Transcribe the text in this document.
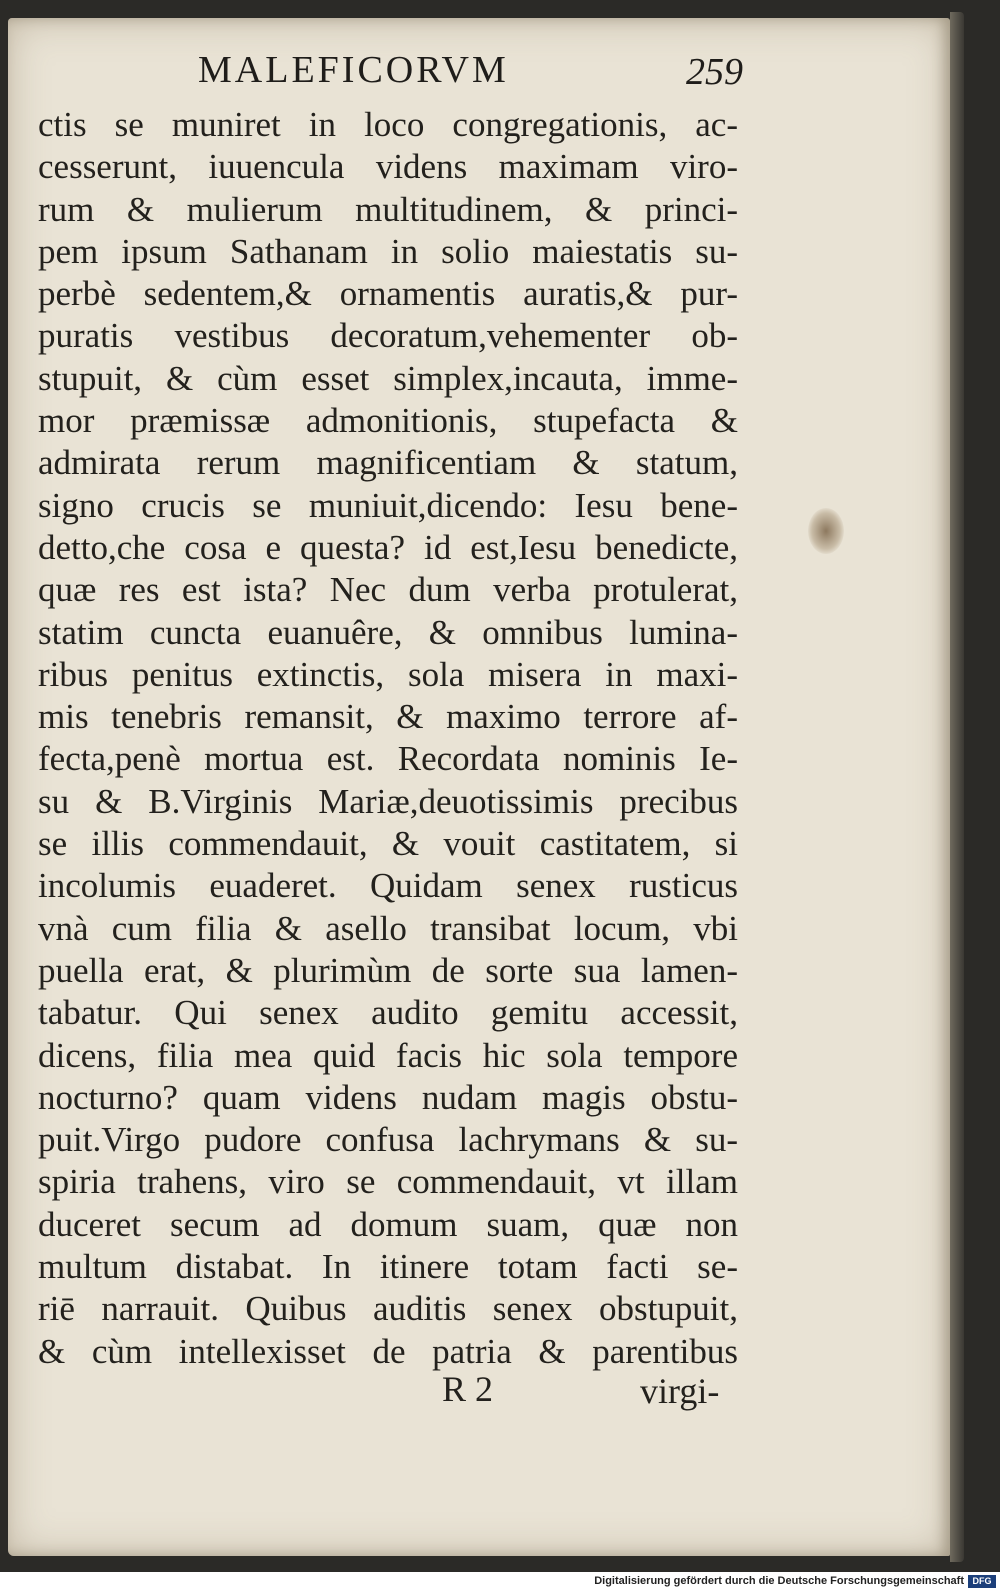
MALEFICORVM	259
ctis se muniret in loco congregationis, ac-
cesserunt, iuuencula videns maximam viro-
rum & mulierum multitudinem, & princi-
pem ipsum Sathanam in solio maiestatis su-
perbè sedentem,& ornamentis auratis,& pur-
puratis vestibus decoratum,vehementer ob-
stupuit, & cùm esset simplex,incauta, imme-
mor præmissæ admonitionis, stupefacta &
admirata rerum magnificentiam & statum,
signo crucis se muniuit,dicendo: Iesu bene-
detto,che cosa e questa? id est,Iesu benedicte,
quæ res est ista? Nec dum verba protulerat,
statim cuncta euanuêre, & omnibus lumina-
ribus penitus extinctis, sola misera in maxi-
mis tenebris remansit, & maximo terrore af-
fecta,penè mortua est. Recordata nominis Ie-
su & B.Virginis Mariæ,deuotissimis precibus
se illis commendauit, & vouit castitatem, si
incolumis euaderet. Quidam senex rusticus
vnà cum filia & asello transibat locum, vbi
puella erat, & plurimùm de sorte sua lamen-
tabatur. Qui senex audito gemitu accessit,
dicens, filia mea quid facis hic sola tempore
nocturno? quam videns nudam magis obstu-
puit.Virgo pudore confusa lachrymans & su-
spiria trahens, viro se commendauit, vt illam
duceret secum ad domum suam, quæ non
multum distabat. In itinere totam facti se-
riē narrauit. Quibus auditis senex obstupuit,
& cùm intellexisset de patria & parentibus
R 2	virgi-
Digitalisierung gefördert durch die Deutsche Forschungsgemeinschaft DFG
